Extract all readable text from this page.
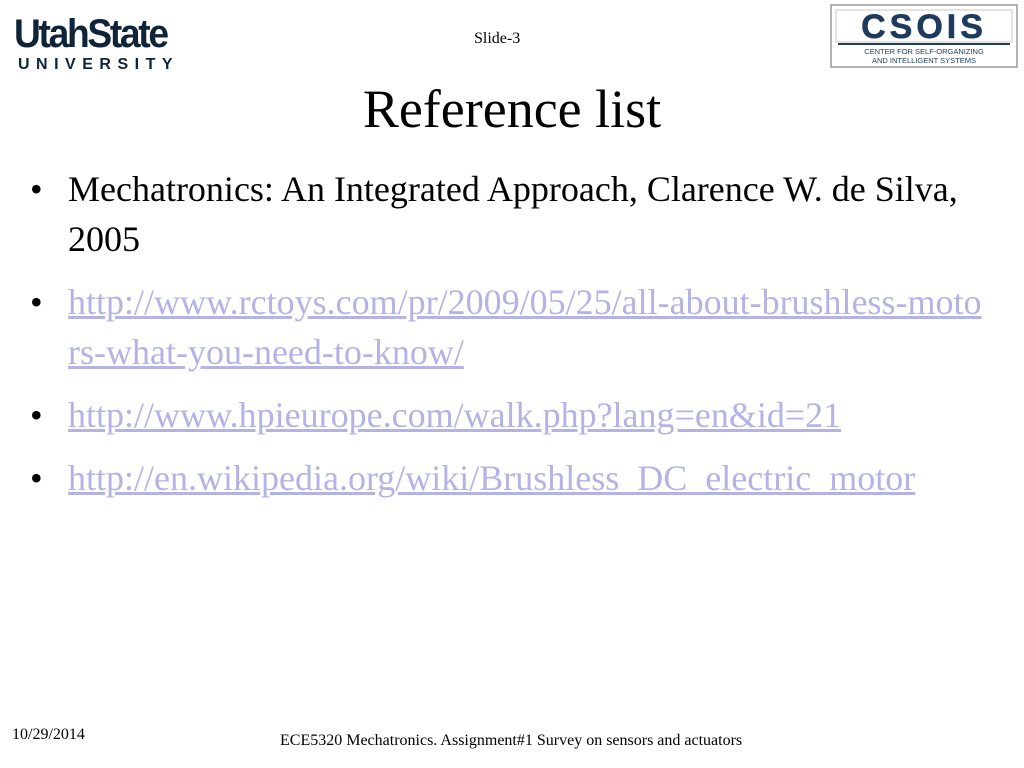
UtahState
UNIVERSITY
Slide-3	CSOIS
CENTER FOR SELF-ORGANIZING
AND INTELLIGENT SYSTEMS
Reference list
• Mechatronics: An Integrated Approach, Clarence W. de Silva, 2005
• http://www.rctoys.com/pr/2009/05/25/all-about-brushless-motors-what-you-need-to-know/
• http://www.hpieurope.com/walk.php?lang=en&id=21
• http://en.wikipedia.org/wiki/Brushless_DC_electric_motor
10/29/2014	ECE5320 Mechatronics. Assignment#1 Survey on sensors and actuators
